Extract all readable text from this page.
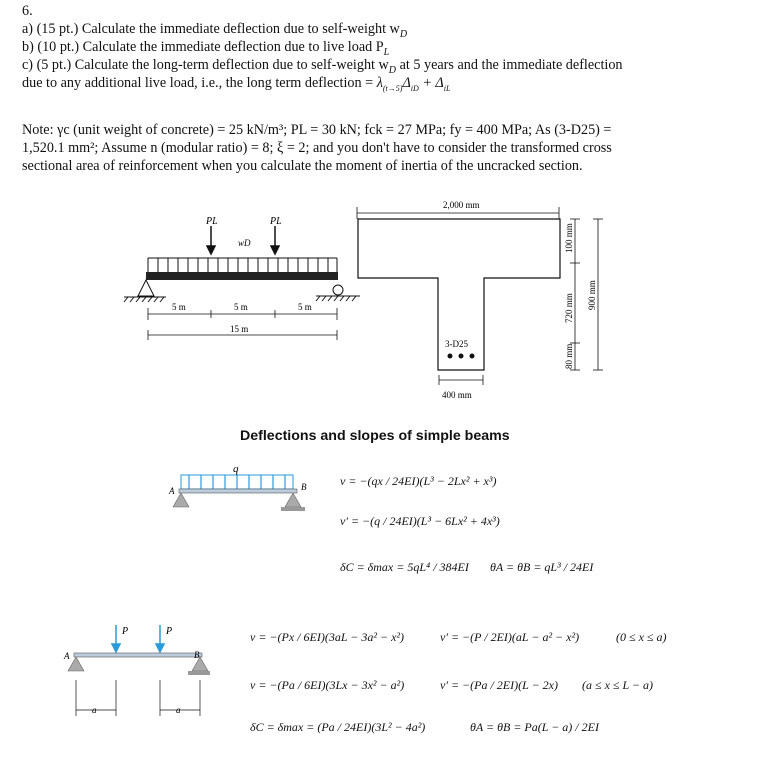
6.
a) (15 pt.) Calculate the immediate deflection due to self-weight $w_D$
b) (10 pt.) Calculate the immediate deflection due to live load $P_L$
c) (5 pt.) Calculate the long-term deflection due to self-weight $w_D$ at 5 years and the immediate deflection
due to any additional live load, i.e., the long term deflection = $\lambda_{(t\to 5)}\Delta_{iD} + \Delta_{iL}$
Note: γc (unit weight of concrete) = 25 kN/m³; PL = 30 kN; fck = 27 MPa; fy = 400 MPa; As (3-D25) =
1,520.1 mm²; Assume n (modular ratio) = 8; ξ = 2; and you don't have to consider the transformed cross
sectional area of reinforcement when you calculate the moment of inertia of the uncracked section.
PL	PL
wD
5 m	5 m	5 m
15 m
2,000 mm
3-D25
400 mm
100 mm
720 mm
80 mm
900 mm
Deflections and slopes of simple beams
q
A	B	v = −(qx / 24EI)(L³ − 2Lx² + x³)
v′ = −(q / 24EI)(L³ − 6Lx² + 4x³)
δC = δmax = 5qL⁴ / 384EI θA = θB = qL³ / 24EI
P	P
A	B
a	a
v = −(Px / 6EI)(3aL − 3a² − x²)	v′ = −(P / 2EI)(aL − a² − x²)	(0 ≤ x ≤ a)
v = −(Pa / 6EI)(3Lx − 3x² − a²)	v′ = −(Pa / 2EI)(L − 2x) (a ≤ x ≤ L − a)
δC = δmax = (Pa / 24EI)(3L² − 4a²)	θA = θB = Pa(L − a) / 2EI
